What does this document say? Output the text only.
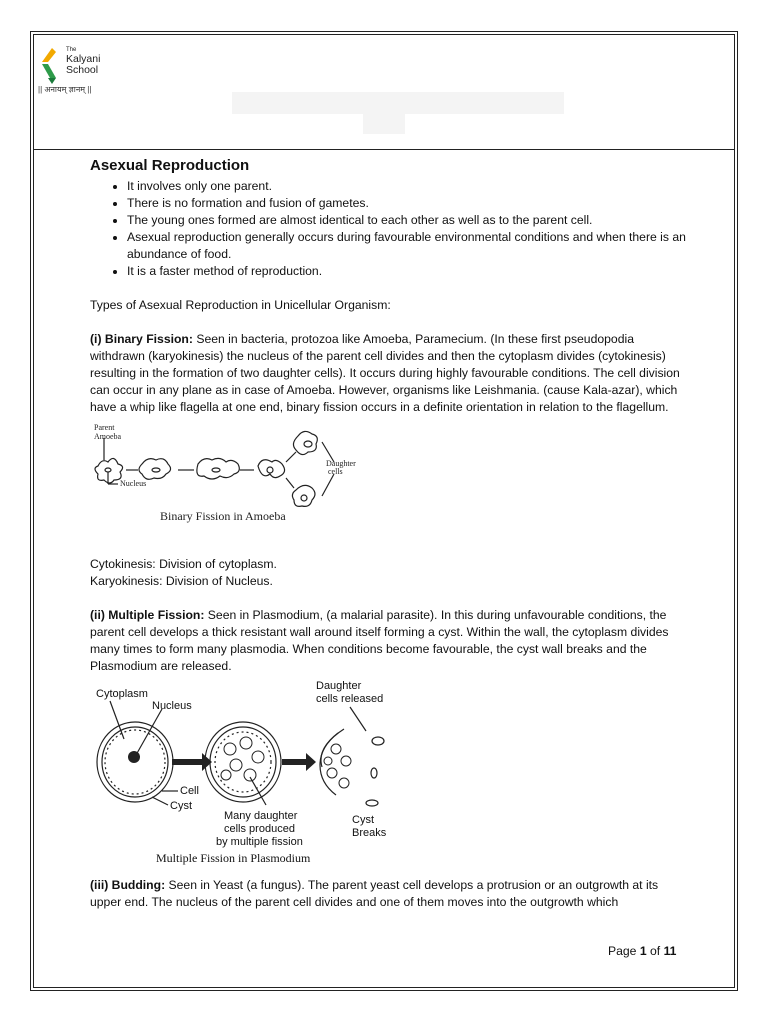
The
Kalyani
School
|| अनायम् ज्ञानम् ||
Asexual Reproduction
• It involves only one parent.
• There is no formation and fusion of gametes.
• The young ones formed are almost identical to each other as well as to the parent cell.
• Asexual reproduction generally occurs during favourable environmental conditions and when there is an abundance of food.
• It is a faster method of reproduction.

Types of Asexual Reproduction in Unicellular Organism:

(i) Binary Fission: Seen in bacteria, protozoa like Amoeba, Paramecium. (In these first pseudopodia withdrawn (karyokinesis) the nucleus of the parent cell divides and then the cytoplasm divides (cytokinesis) resulting in the formation of two daughter cells). It occurs during highly favourable conditions. The cell division can occur in any plane as in case of Amoeba. However, organisms like Leishmania. (cause Kala-azar), which have a whip like flagella at one end, binary fission occurs in a definite orientation in relation to the flagellum.

Parent
Amoeba
Nucleus
Daughter
cells
Binary Fission in Amoeba

Cytokinesis: Division of cytoplasm.

Karyokinesis: Division of Nucleus.

(ii) Multiple Fission: Seen in Plasmodium, (a malarial parasite). In this during unfavourable conditions, the parent cell develops a thick resistant wall around itself forming a cyst. Within the wall, the cytoplasm divides many times to form many plasmodia. When conditions become favourable, the cyst wall breaks and the Plasmodium are released.

Cytoplasm
Nucleus
Cell
Cyst
Many daughter
cells produced
by multiple fission
Daughter
cells released
Cyst
Breaks
Multiple Fission in Plasmodium

(iii) Budding: Seen in Yeast (a fungus). The parent yeast cell develops a protrusion or an outgrowth at its upper end. The nucleus of the parent cell divides and one of them moves into the outgrowth which

Page 1 of 11
